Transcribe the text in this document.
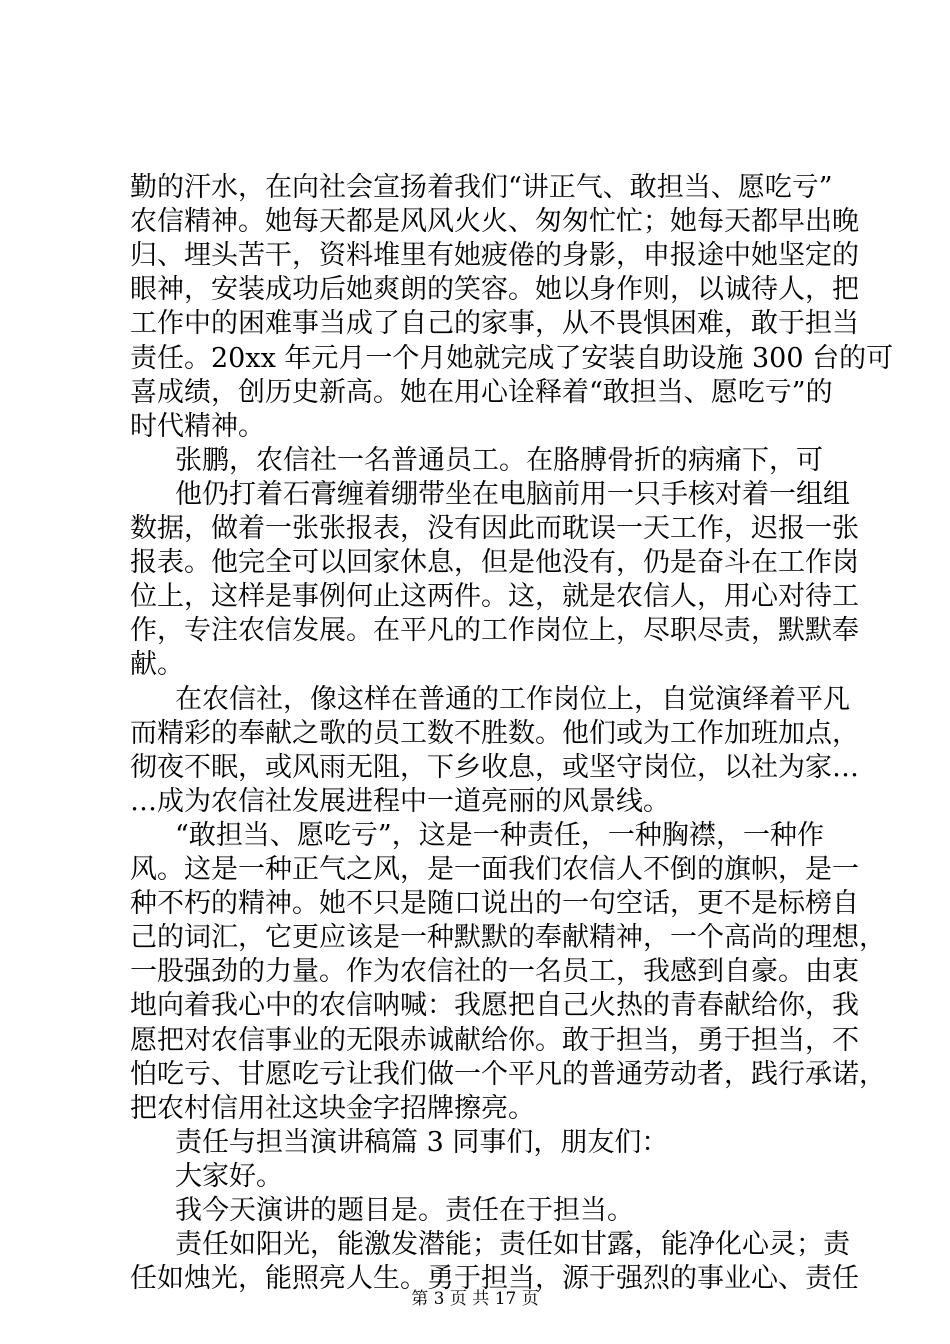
勤的汗水，在向社会宣扬着我们“讲正气、敢担当、愿吃亏”
农信精神。她每天都是风风火火、匆匆忙忙；她每天都早出晚
归、埋头苦干，资料堆里有她疲倦的身影，申报途中她坚定的
眼神，安装成功后她爽朗的笑容。她以身作则，以诚待人，把
工作中的困难事当成了自己的家事，从不畏惧困难，敢于担当
责任。20xx 年元月一个月她就完成了安装自助设施 300 台的可
喜成绩，创历史新高。她在用心诠释着“敢担当、愿吃亏”的
时代精神。
张鹏，农信社一名普通员工。在胳膊骨折的病痛下，可
他仍打着石膏缠着绷带坐在电脑前用一只手核对着一组组
数据，做着一张张报表，没有因此而耽误一天工作，迟报一张
报表。他完全可以回家休息，但是他没有，仍是奋斗在工作岗
位上，这样是事例何止这两件。这，就是农信人，用心对待工
作，专注农信发展。在平凡的工作岗位上，尽职尽责，默默奉
献。
在农信社，像这样在普通的工作岗位上，自觉演绎着平凡
而精彩的奉献之歌的员工数不胜数。他们或为工作加班加点，
彻夜不眠，或风雨无阻，下乡收息，或坚守岗位，以社为家…
…成为农信社发展进程中一道亮丽的风景线。
“敢担当、愿吃亏”，这是一种责任，一种胸襟，一种作
风。这是一种正气之风，是一面我们农信人不倒的旗帜，是一
种不朽的精神。她不只是随口说出的一句空话，更不是标榜自
己的词汇，它更应该是一种默默的奉献精神，一个高尚的理想，
一股强劲的力量。作为农信社的一名员工，我感到自豪。由衷
地向着我心中的农信呐喊：我愿把自己火热的青春献给你，我
愿把对农信事业的无限赤诚献给你。敢于担当，勇于担当，不
怕吃亏、甘愿吃亏让我们做一个平凡的普通劳动者，践行承诺，
把农村信用社这块金字招牌擦亮。
责任与担当演讲稿篇 3 同事们，朋友们：
大家好。
我今天演讲的题目是。责任在于担当。
责任如阳光，能激发潜能；责任如甘露，能净化心灵；责
任如烛光，能照亮人生。勇于担当，源于强烈的事业心、责任
第 3 页 共 17 页
